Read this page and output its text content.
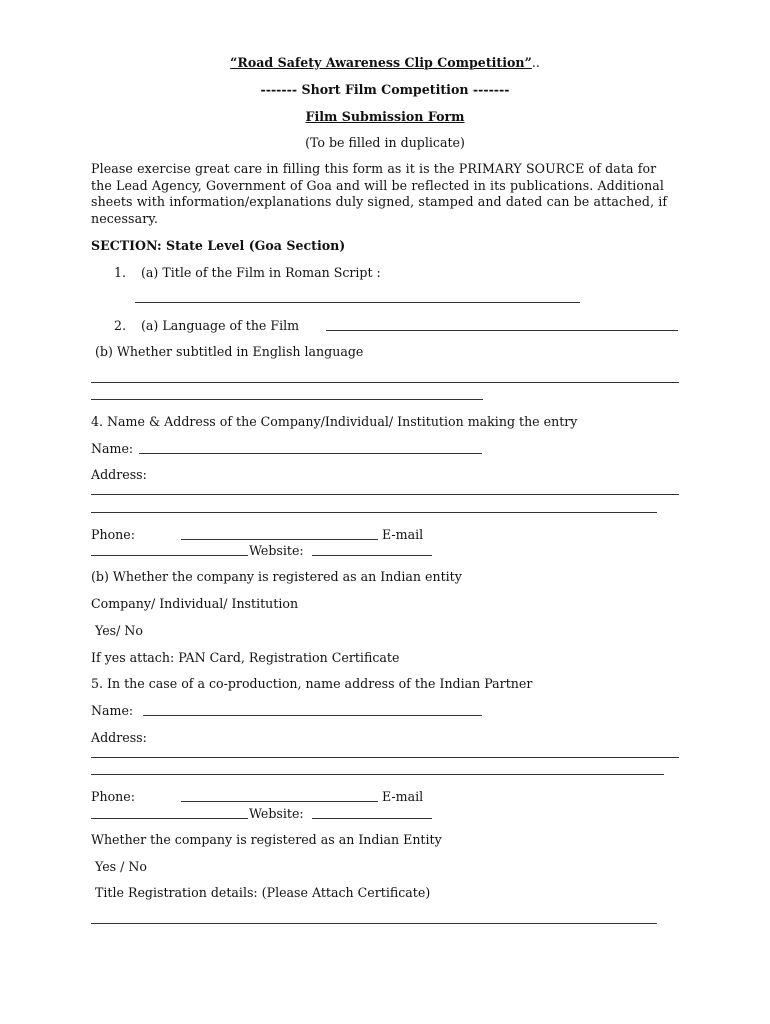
“Road Safety Awareness Clip Competition”..
------- Short Film Competition -------
Film Submission Form
(To be filled in duplicate)
Please exercise great care in filling this form as it is the PRIMARY SOURCE of data for the Lead Agency, Government of Goa and will be reflected in its publications. Additional sheets with information/explanations duly signed, stamped and dated can be attached, if necessary.
SECTION: State Level (Goa Section)
1. (a) Title of the Film in Roman Script :
2. (a) Language of the Film
(b) Whether subtitled in English language
4. Name & Address of the Company/Individual/ Institution making the entry
Name:
Address:
Phone:	E-mail
Website:
(b) Whether the company is registered as an Indian entity
Company/ Individual/ Institution
Yes/ No
If yes attach: PAN Card, Registration Certificate
5. In the case of a co-production, name address of the Indian Partner
Name:
Address:
Phone:	E-mail
Website:
Whether the company is registered as an Indian Entity
Yes / No
Title Registration details: (Please Attach Certificate)
